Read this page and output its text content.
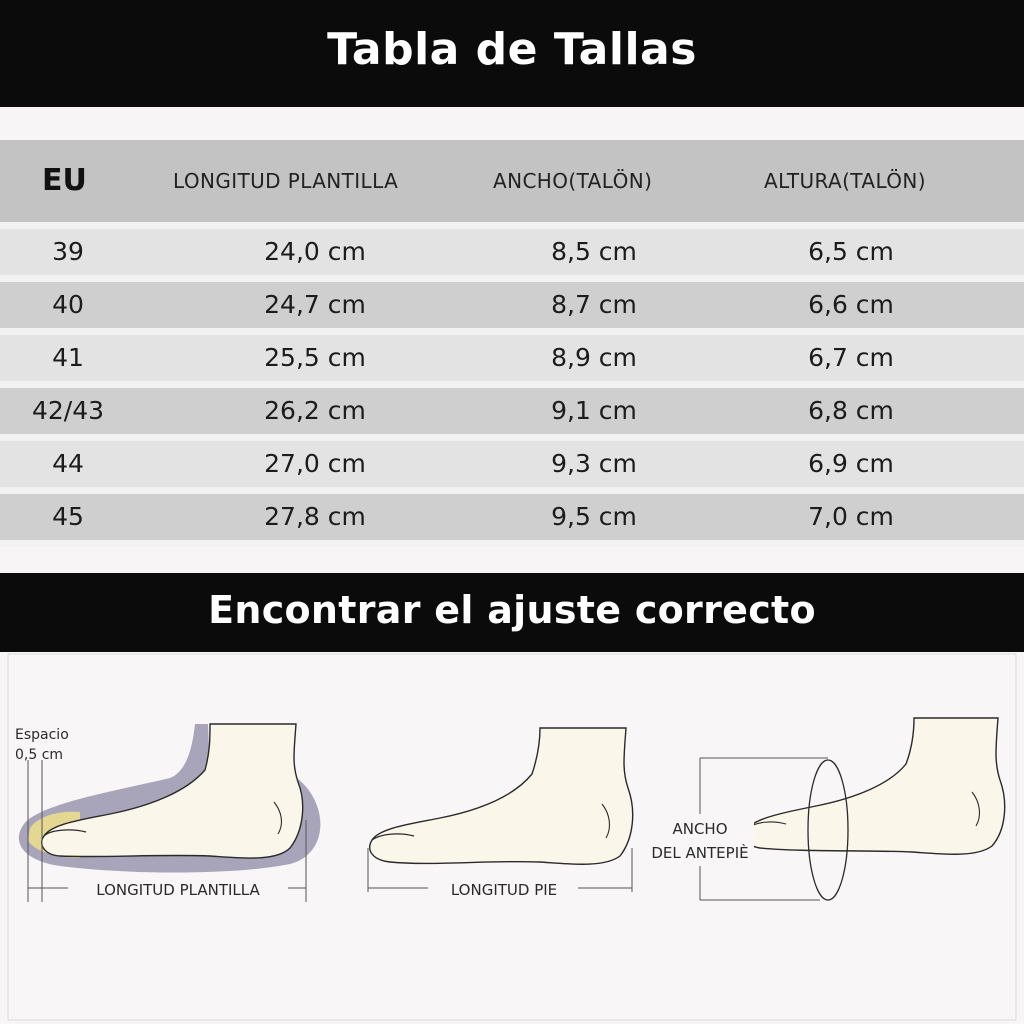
Tabla de Tallas
EU	LONGITUD PLANTILLA	ANCHO(TALÖN)	ALTURA(TALÖN)
39	24,0 cm	8,5 cm	6,5 cm
40	24,7 cm	8,7 cm	6,6 cm
41	25,5 cm	8,9 cm	6,7 cm
42/43	26,2 cm	9,1 cm	6,8 cm
44	27,0 cm	9,3 cm	6,9 cm
45	27,8 cm	9,5 cm	7,0 cm
Encontrar el ajuste correcto
Espacio
0,5 cm
LONGITUD PLANTILLA	LONGITUD PIE
ANCHO
DEL ANTEPIÈ
